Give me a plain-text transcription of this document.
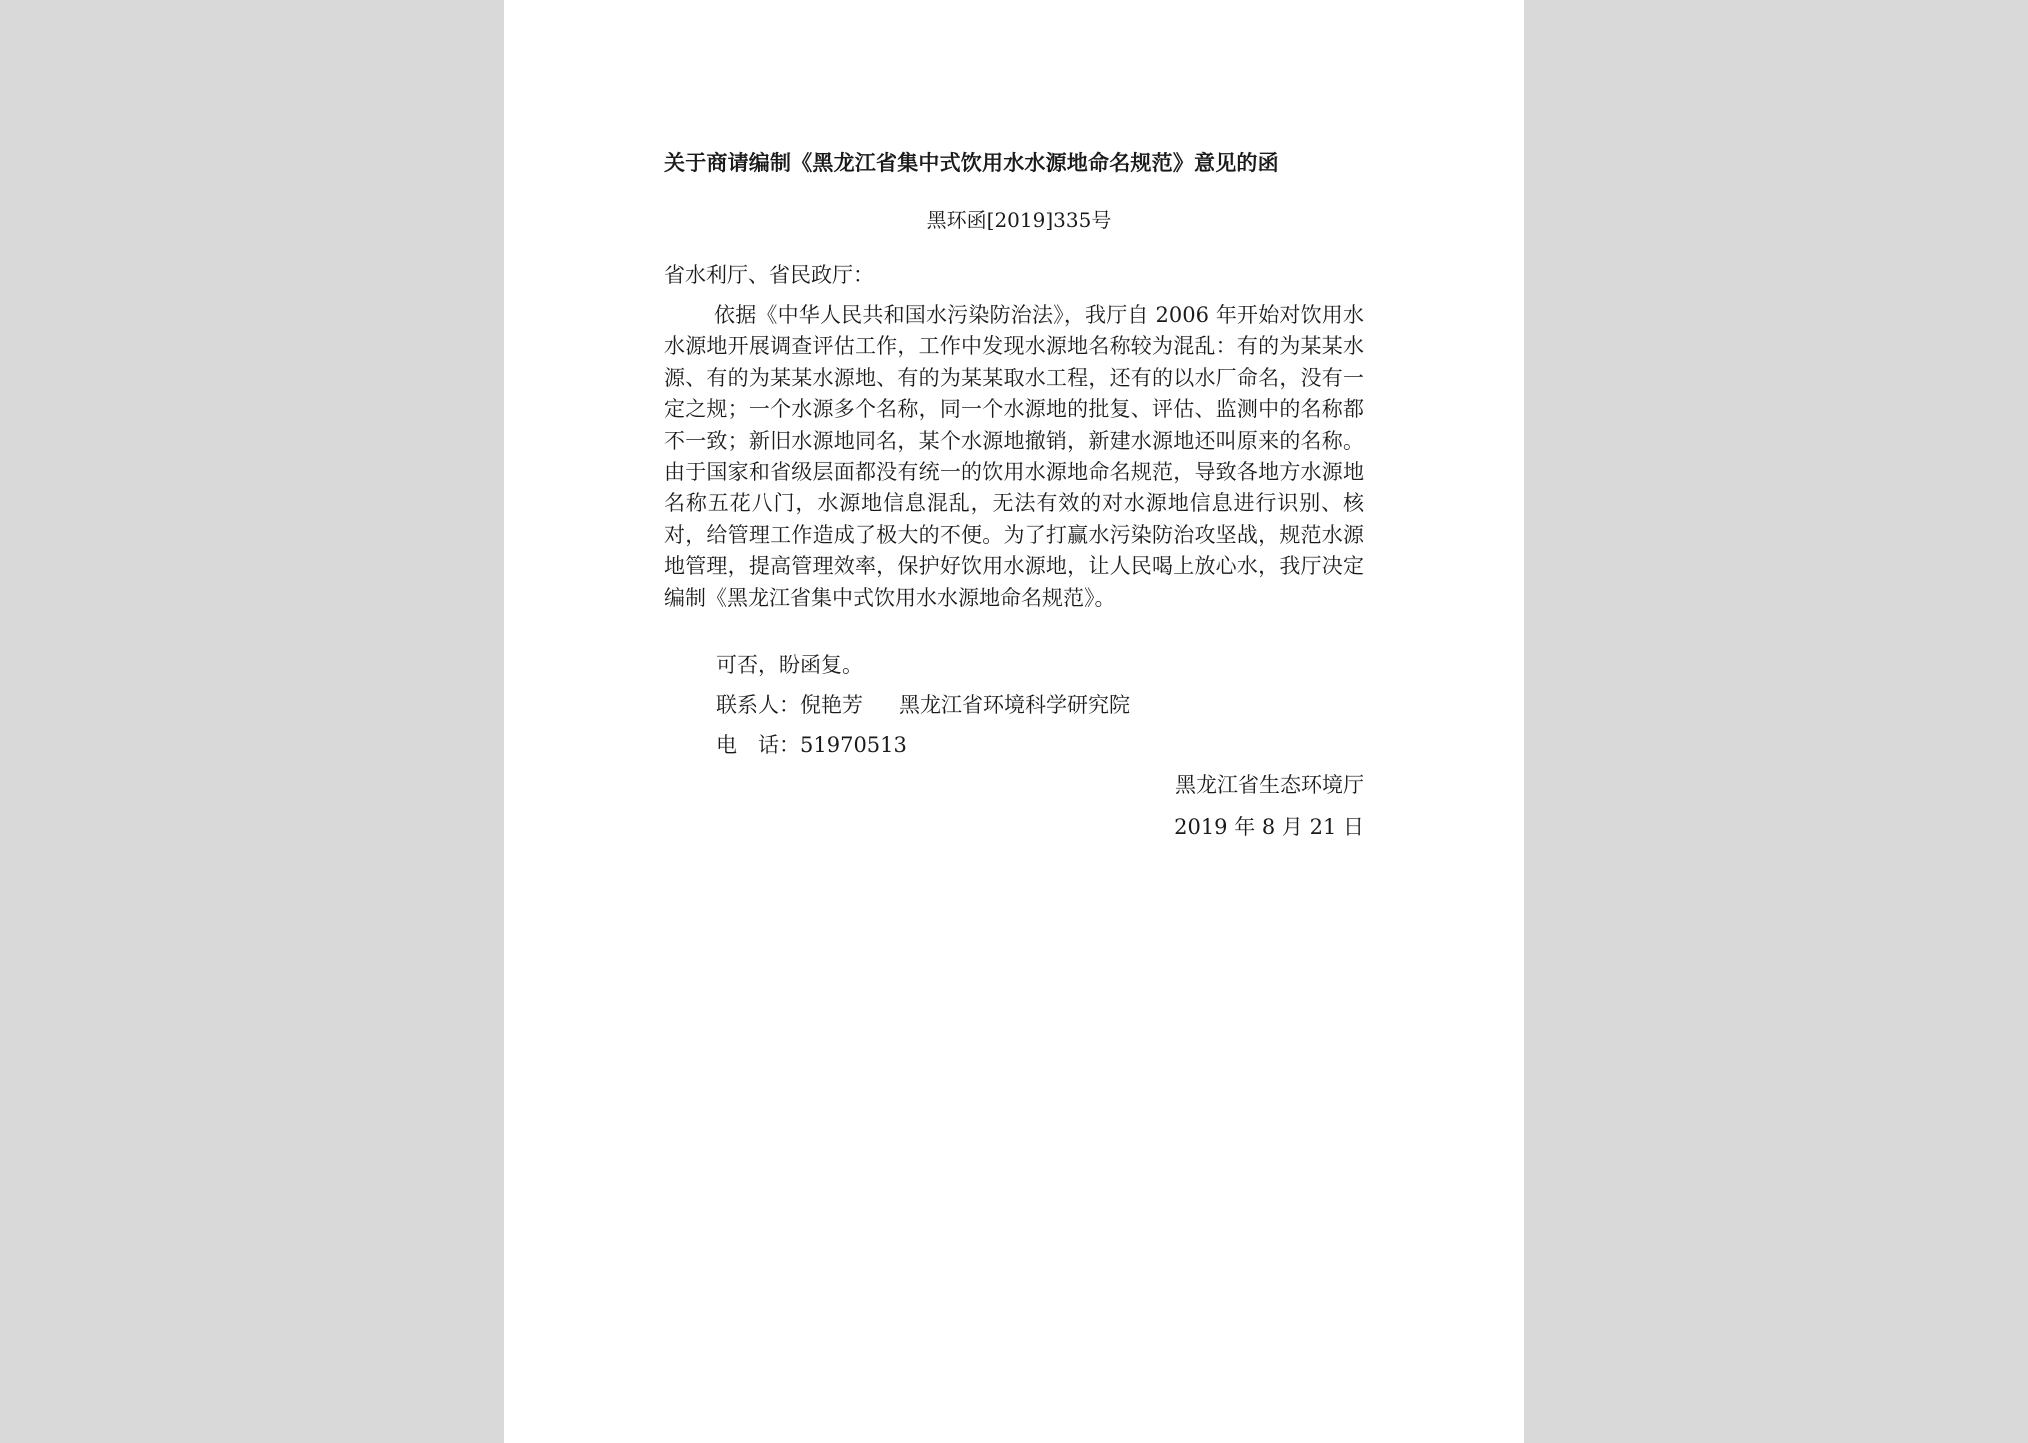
关于商请编制《黑龙江省集中式饮用水水源地命名规范》意见的函
黑环函[2019]335号
省水利厅、省民政厅：

依据《中华人民共和国水污染防治法》，我厅自 2006 年开始对饮用水水源地开展调查评估工作，工作中发现水源地名称较为混乱：有的为某某水源、有的为某某水源地、有的为某某取水工程，还有的以水厂命名，没有一定之规；一个水源多个名称，同一个水源地的批复、评估、监测中的名称都不一致；新旧水源地同名，某个水源地撤销，新建水源地还叫原来的名称。由于国家和省级层面都没有统一的饮用水源地命名规范，导致各地方水源地名称五花八门，水源地信息混乱，无法有效的对水源地信息进行识别、核对，给管理工作造成了极大的不便。为了打赢水污染防治攻坚战，规范水源地管理，提高管理效率，保护好饮用水源地，让人民喝上放心水，我厅决定编制《黑龙江省集中式饮用水水源地命名规范》。

可否，盼函复。
联系人：倪艳芳 黑龙江省环境科学研究院
电　话：51970513
黑龙江省生态环境厅
2019 年 8 月 21 日
